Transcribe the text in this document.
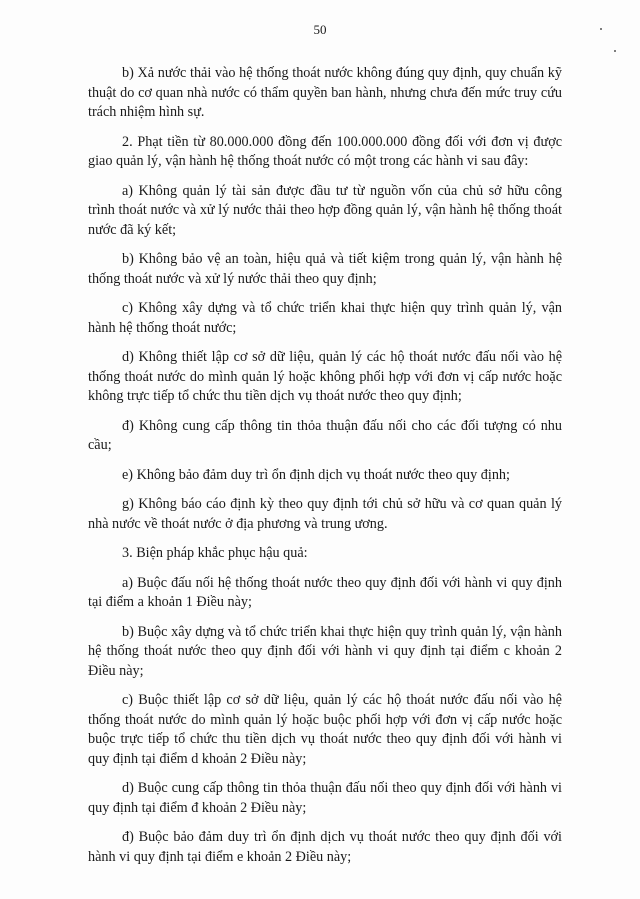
50

b) Xả nước thải vào hệ thống thoát nước không đúng quy định, quy chuẩn kỹ thuật do cơ quan nhà nước có thẩm quyền ban hành, nhưng chưa đến mức truy cứu trách nhiệm hình sự.

2. Phạt tiền từ 80.000.000 đồng đến 100.000.000 đồng đối với đơn vị được giao quản lý, vận hành hệ thống thoát nước có một trong các hành vi sau đây:

a) Không quản lý tài sản được đầu tư từ nguồn vốn của chủ sở hữu công trình thoát nước và xử lý nước thải theo hợp đồng quản lý, vận hành hệ thống thoát nước đã ký kết;

b) Không bảo vệ an toàn, hiệu quả và tiết kiệm trong quản lý, vận hành hệ thống thoát nước và xử lý nước thải theo quy định;

c) Không xây dựng và tổ chức triển khai thực hiện quy trình quản lý, vận hành hệ thống thoát nước;

d) Không thiết lập cơ sở dữ liệu, quản lý các hộ thoát nước đấu nối vào hệ thống thoát nước do mình quản lý hoặc không phối hợp với đơn vị cấp nước hoặc không trực tiếp tổ chức thu tiền dịch vụ thoát nước theo quy định;

đ) Không cung cấp thông tin thỏa thuận đấu nối cho các đối tượng có nhu cầu;

e) Không bảo đảm duy trì ổn định dịch vụ thoát nước theo quy định;

g) Không báo cáo định kỳ theo quy định tới chủ sở hữu và cơ quan quản lý nhà nước về thoát nước ở địa phương và trung ương.

3. Biện pháp khắc phục hậu quả:

a) Buộc đấu nối hệ thống thoát nước theo quy định đối với hành vi quy định tại điểm a khoản 1 Điều này;

b) Buộc xây dựng và tổ chức triển khai thực hiện quy trình quản lý, vận hành hệ thống thoát nước theo quy định đối với hành vi quy định tại điểm c khoản 2 Điều này;

c) Buộc thiết lập cơ sở dữ liệu, quản lý các hộ thoát nước đấu nối vào hệ thống thoát nước do mình quản lý hoặc buộc phối hợp với đơn vị cấp nước hoặc buộc trực tiếp tổ chức thu tiền dịch vụ thoát nước theo quy định đối với hành vi quy định tại điểm d khoản 2 Điều này;

d) Buộc cung cấp thông tin thỏa thuận đấu nối theo quy định đối với hành vi quy định tại điểm đ khoản 2 Điều này;

đ) Buộc bảo đảm duy trì ổn định dịch vụ thoát nước theo quy định đối với hành vi quy định tại điểm e khoản 2 Điều này;
